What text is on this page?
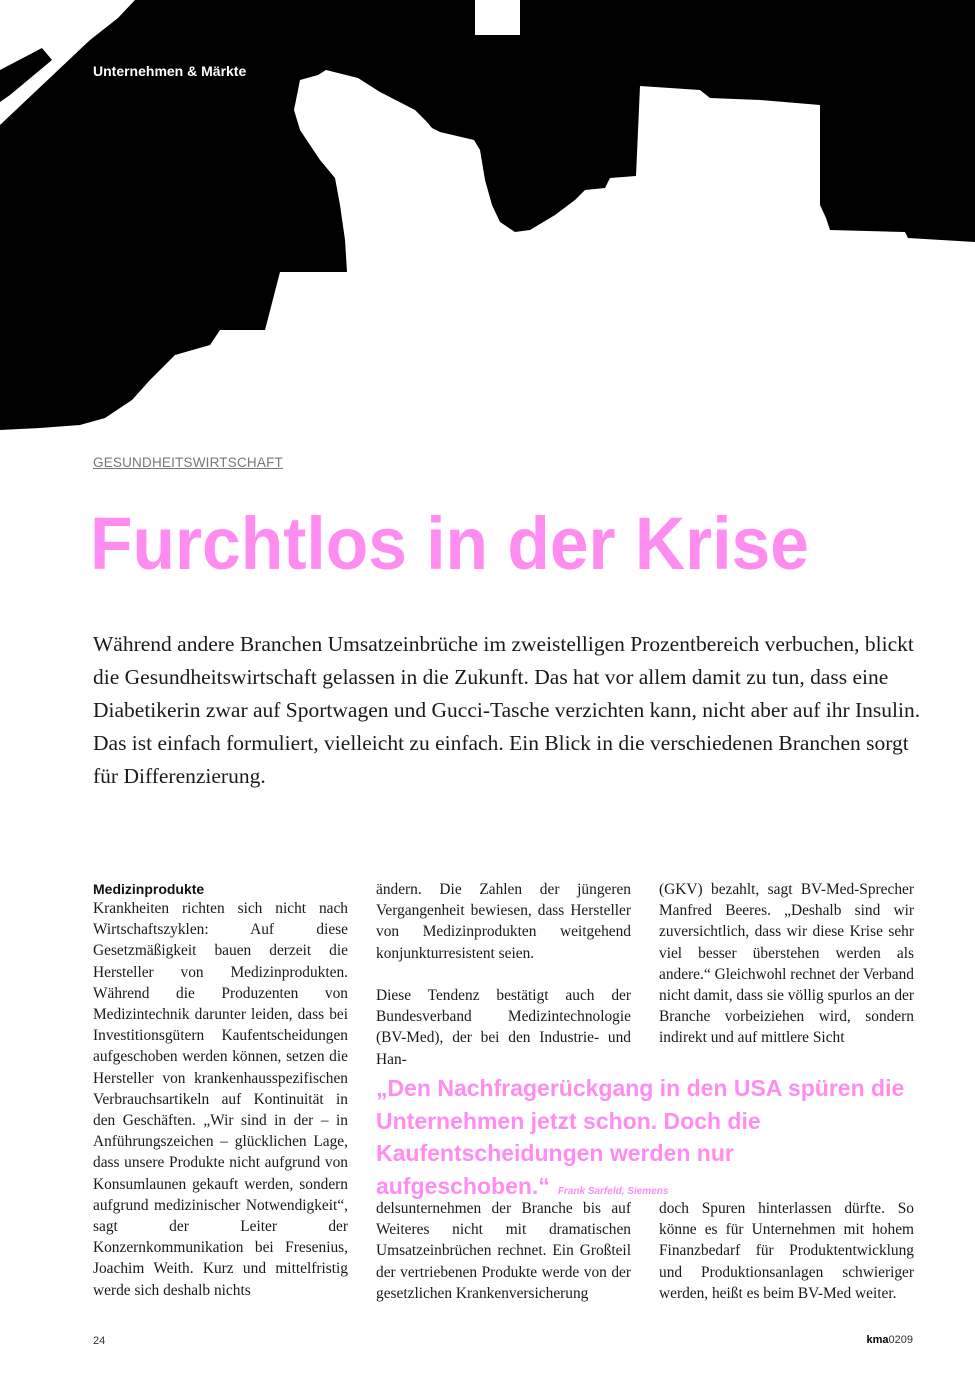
Unternehmen & Märkte
GESUNDHEITSWIRTSCHAFT
Furchtlos in der Krise

Während andere Branchen Umsatzeinbrüche im zweistelligen Prozentbereich verbuchen, blickt die Gesundheitswirtschaft gelassen in die Zukunft. Das hat vor allem damit zu tun, dass eine Diabetikerin zwar auf Sportwagen und Gucci-Tasche verzichten kann, nicht aber auf ihr Insulin. Das ist einfach formuliert, vielleicht zu einfach. Ein Blick in die verschiedenen Branchen sorgt für Differenzierung.

Medizinprodukte

Krankheiten richten sich nicht nach Wirtschaftszyklen: Auf diese Gesetzmäßigkeit bauen derzeit die Hersteller von Medizinprodukten. Während die Produzenten von Medizintechnik darunter leiden, dass bei Investitionsgütern Kaufentscheidungen aufgeschoben werden können, setzen die Hersteller von krankenhausspezifischen Verbrauchsartikeln auf Kontinuität in den Geschäften. „Wir sind in der – in Anführungszeichen – glücklichen Lage, dass unsere Produkte nicht aufgrund von Konsumlaunen gekauft werden, sondern aufgrund medizinischer Notwendigkeit“, sagt der Leiter der Konzernkommunikation bei Fresenius, Joachim Weith. Kurz und mittelfristig werde sich deshalb nichts

ändern. Die Zahlen der jüngeren Vergangenheit bewiesen, dass Hersteller von Medizinprodukten weitgehend konjunkturresistent seien.

Diese Tendenz bestätigt auch der Bundesverband Medizintechnologie (BV-Med), der bei den Industrie- und Han-

(GKV) bezahlt, sagt BV-Med-Sprecher Manfred Beeres. „Deshalb sind wir zuversichtlich, dass wir diese Krise sehr viel besser überstehen werden als andere.“ Gleichwohl rechnet der Verband nicht damit, dass sie völlig spurlos an der Branche vorbeiziehen wird, sondern indirekt und auf mittlere Sicht

„Den Nachfragerückgang in den USA spüren die Unternehmen jetzt schon. Doch die Kaufentscheidungen werden nur aufgeschoben.“ Frank Sarfeld, Siemens

delsunternehmen der Branche bis auf Weiteres nicht mit dramatischen Umsatzeinbrüchen rechnet. Ein Großteil der vertriebenen Produkte werde von der gesetzlichen Krankenversicherung

doch Spuren hinterlassen dürfte. So könne es für Unternehmen mit hohem Finanzbedarf für Produktentwicklung und Produktionsanlagen schwieriger werden, heißt es beim BV-Med weiter.

24	kma0209
